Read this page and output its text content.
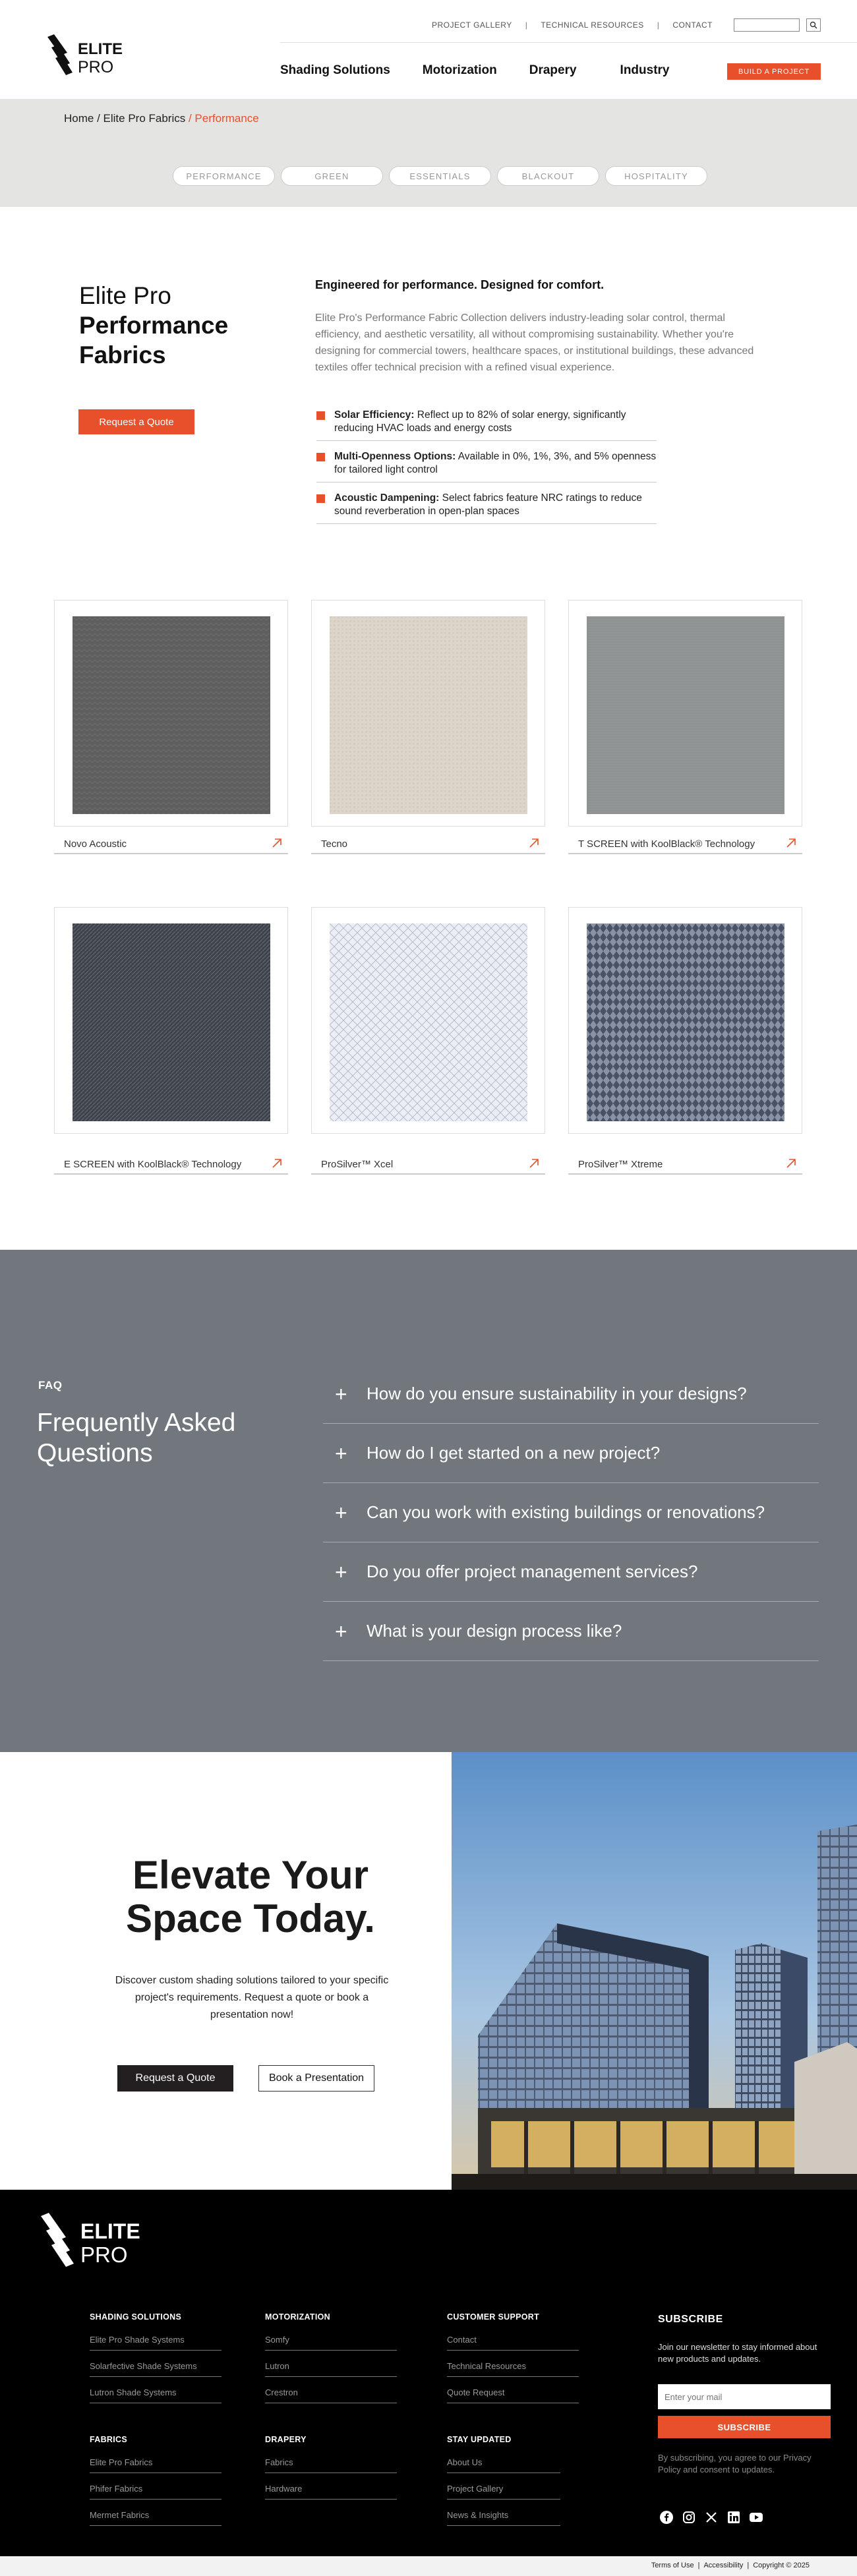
ELITE
PRO
PROJECT GALLERY | TECHNICAL RESOURCES | CONTACT
Shading Solutions	Motorization	Drapery	Industry	BUILD A PROJECT
Home / Elite Pro Fabrics / Performance
PERFORMANCE	GREEN	ESSENTIALS	BLACKOUT	HOSPITALITY
Elite Pro
Performance
Fabrics
Request a Quote
Engineered for performance. Designed for comfort.

Elite Pro's Performance Fabric Collection delivers industry-leading solar control, thermal efficiency, and aesthetic versatility, all without compromising sustainability. Whether you're designing for commercial towers, healthcare spaces, or institutional buildings, these advanced textiles offer technical precision with a refined visual experience.

Solar Efficiency: Reflect up to 82% of solar energy, significantly reducing HVAC loads and energy costs
Multi-Openness Options: Available in 0%, 1%, 3%, and 5% openness for tailored light control
Acoustic Dampening: Select fabrics feature NRC ratings to reduce sound reverberation in open-plan spaces
Novo Acoustic	Tecno	T SCREEN with KoolBlack® Technology
E SCREEN with KoolBlack® Technology	ProSilver™ Xcel	ProSilver™ Xtreme
FAQ
Frequently Asked
Questions
+	How do you ensure sustainability in your designs?
+	How do I get started on a new project?
+	Can you work with existing buildings or renovations?
+	Do you offer project management services?
+	What is your design process like?
Elevate Your
Space Today.

Discover custom shading solutions tailored to your specific project's requirements. Request a quote or book a presentation now!

Request a Quote	Book a Presentation
ELITE
PRO
SHADING SOLUTIONS
Elite Pro Shade Systems
Solarfective Shade Systems
Lutron Shade Systems
MOTORIZATION
Somfy
Lutron
Crestron
CUSTOMER SUPPORT
Contact
Technical Resources
Quote Request
FABRICS
Elite Pro Fabrics
Phifer Fabrics
Mermet Fabrics
DRAPERY
Fabrics
Hardware
STAY UPDATED
About Us
Project Gallery
News & Insights
SUBSCRIBE

Join our newsletter to stay informed about new products and updates.

Enter your mail
SUBSCRIBE

By subscribing, you agree to our Privacy Policy and consent to updates.

Terms of Use | Accessibility | Copyright © 2025
